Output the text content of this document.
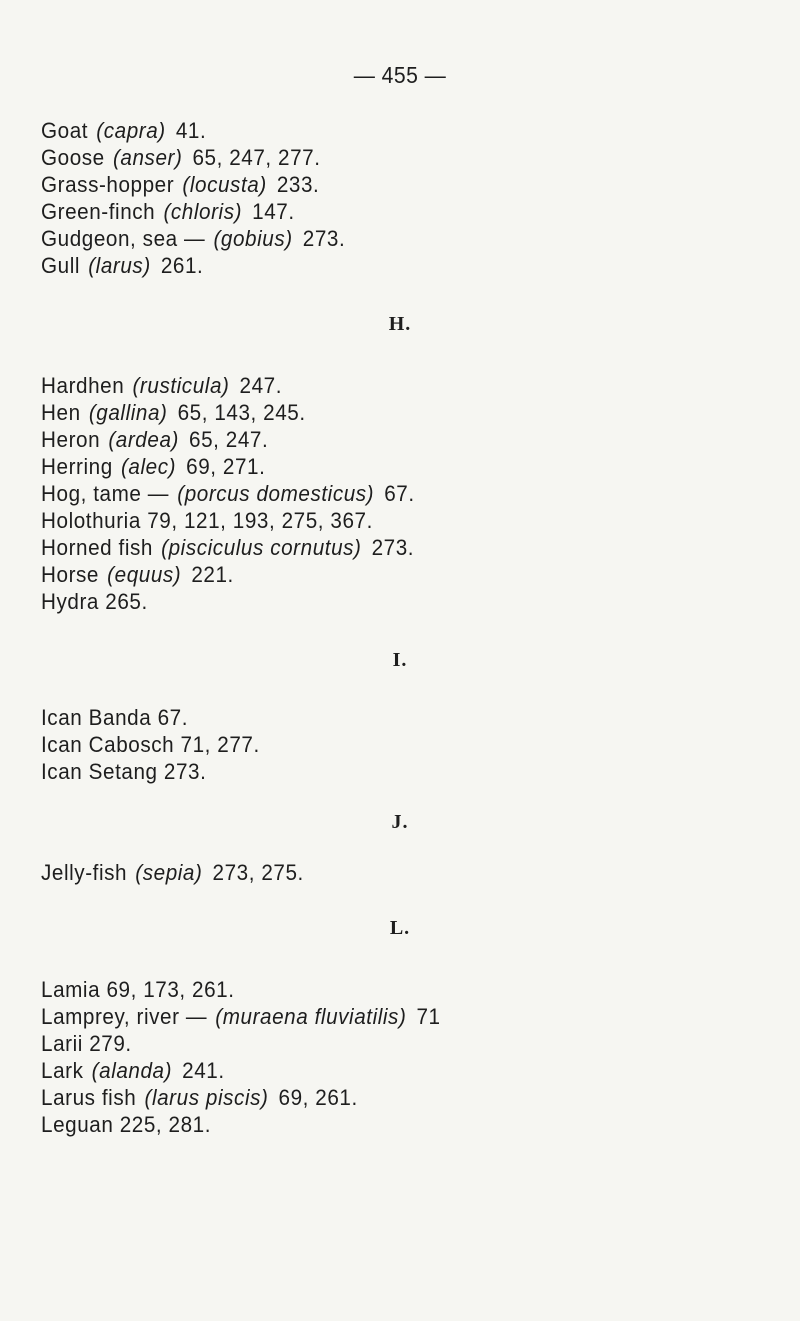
— 455 —
Goat (capra) 41.
Goose (anser) 65, 247, 277.
Grass-hopper (locusta) 233.
Green-finch (chloris) 147.
Gudgeon, sea — (gobius) 273.
Gull (larus) 261.
H.
Hardhen (rusticula) 247.
Hen (gallina) 65, 143, 245.
Heron (ardea) 65, 247.
Herring (alec) 69, 271.
Hog, tame — (porcus domesticus) 67.
Holothuria 79, 121, 193, 275, 367.
Horned fish (pisciculus cornutus) 273.
Horse (equus) 221.
Hydra 265.
I.
Ican Banda 67.
Ican Cabosch 71, 277.
Ican Setang 273.
J.
Jelly-fish (sepia) 273, 275.
L.
Lamia 69, 173, 261.
Lamprey, river — (muraena fluviatilis) 71
Larii 279.
Lark (alanda) 241.
Larus fish (larus piscis) 69, 261.
Leguan 225, 281.
